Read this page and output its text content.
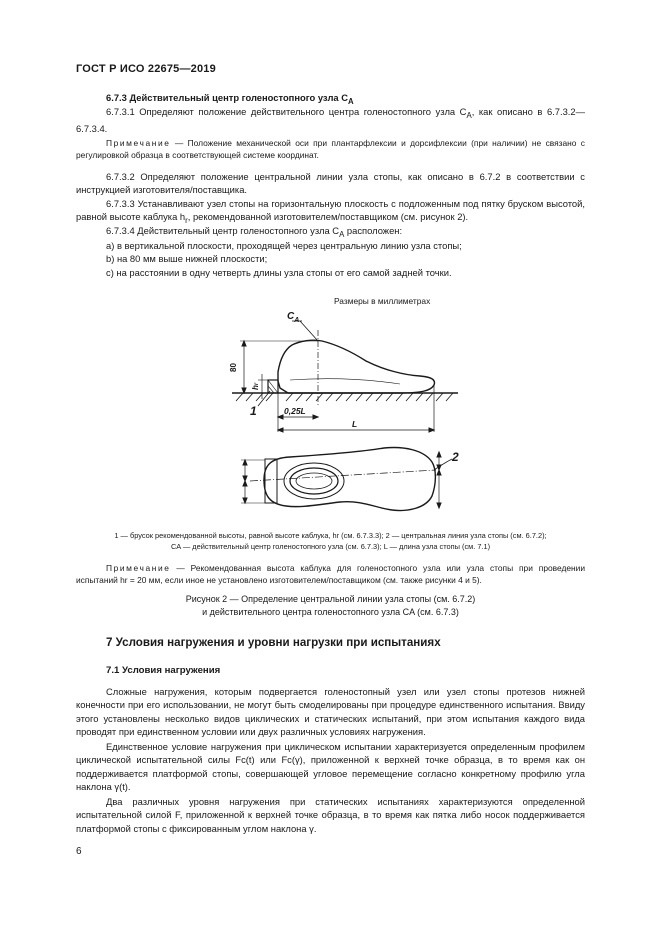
ГОСТ Р ИСО 22675—2019
6.7.3 Действительный центр голеностопного узла $C_A$
6.7.3.1 Определяют положение действительного центра голеностопного узла $C_A$, как описано в 6.7.3.2—6.7.3.4.
Примечание — Положение механической оси при плантарфлексии и дорсифлексии (при наличии) не связано с регулировкой образца в соответствующей системе координат.
6.7.3.2 Определяют положение центральной линии узла стопы, как описано в 6.7.2 в соответствии с инструкцией изготовителя/поставщика.
6.7.3.3 Устанавливают узел стопы на горизонтальную плоскость с подложенным под пятку бруском высотой, равной высоте каблука $h_r$, рекомендованной изготовителем/поставщиком (см. рисунок 2).
6.7.3.4 Действительный центр голеностопного узла $C_A$ расположен:
a) в вертикальной плоскости, проходящей через центральную линию узла стопы;
b) на 80 мм выше нижней плоскости;
c) на расстоянии в одну четверть длины узла стопы от его самой задней точки.
Размеры в миллиметрах
$C_A$
80
hr
1	0,25L
L
2
1 — брусок рекомендованной высоты, равной высоте каблука, hr (см. 6.7.3.3); 2 — центральная линия узла стопы (см. 6.7.2);
CA — действительный центр голеностопного узла (см. 6.7.3); L — длина узла стопы (см. 7.1)
Примечание — Рекомендованная высота каблука для голеностопного узла или узла стопы при проведении испытаний hr = 20 мм, если иное не установлено изготовителем/поставщиком (см. также рисунки 4 и 5).
Рисунок 2 — Определение центральной линии узла стопы (см. 6.7.2)
и действительного центра голеностопного узла CA (см. 6.7.3)
7 Условия нагружения и уровни нагрузки при испытаниях
7.1 Условия нагружения
Сложные нагружения, которым подвергается голеностопный узел или узел стопы протезов нижней конечности при его использовании, не могут быть смоделированы при процедуре единственного испытания. Ввиду этого установлены несколько видов циклических и статических испытаний, при этом испытания каждого вида проводят при единственном условии или двух различных условиях нагружения.
Единственное условие нагружения при циклическом испытании характеризуется определенным профилем циклической испытательной силы Fc(t) или Fc(γ), приложенной к верхней точке образца, в то время как он поддерживается платформой стопы, совершающей угловое перемещение согласно конкретному профилю угла наклона γ(t).
Два различных уровня нагружения при статических испытаниях характеризуются определенной испытательной силой F, приложенной к верхней точке образца, в то время как пятка либо носок поддерживается платформой стопы с фиксированным углом наклона γ.
6
